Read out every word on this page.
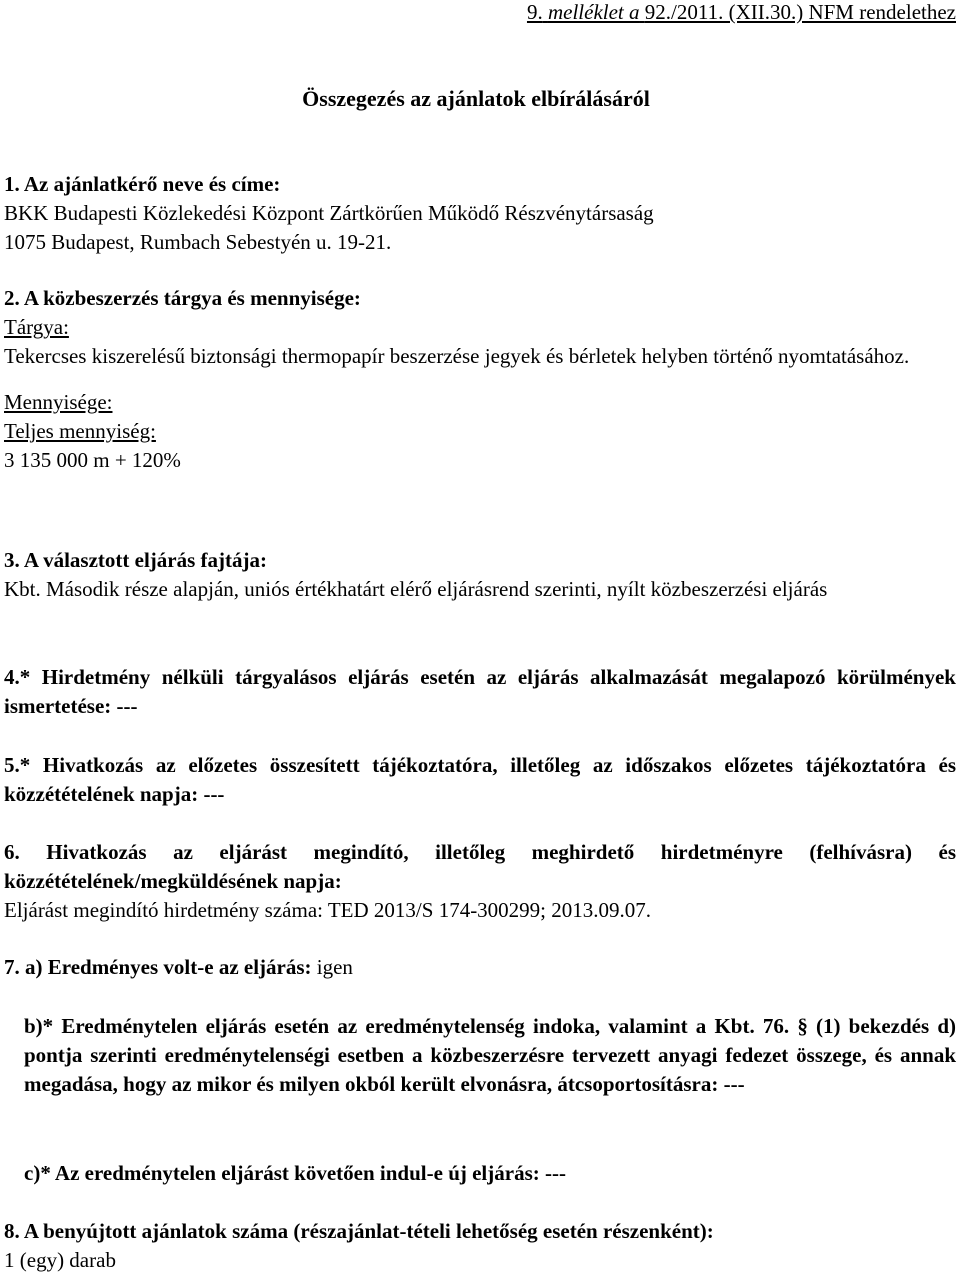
9. melléklet a 92./2011. (XII.30.) NFM rendelethez
Összegezés az ajánlatok elbírálásáról

1. Az ajánlatkérő neve és címe:

BKK Budapesti Közlekedési Központ Zártkörűen Működő Részvénytársaság

1075 Budapest, Rumbach Sebestyén u. 19-21.

2. A közbeszerzés tárgya és mennyisége:

Tárgya:

Tekercses kiszerelésű biztonsági thermopapír beszerzése jegyek és bérletek helyben történő nyomtatásához.

Mennyisége:

Teljes mennyiség:

3 135 000 m + 120%

3. A választott eljárás fajtája:

Kbt. Második része alapján, uniós értékhatárt elérő eljárásrend szerinti, nyílt közbeszerzési eljárás

4.* Hirdetmény nélküli tárgyalásos eljárás esetén az eljárás alkalmazását megalapozó körülmények ismertetése: ---

5.* Hivatkozás az előzetes összesített tájékoztatóra, illetőleg az időszakos előzetes tájékoztatóra és közzétételének napja: ---

6. Hivatkozás az eljárást megindító, illetőleg meghirdető hirdetményre (felhívásra) és közzétételének/megküldésének napja:

Eljárást megindító hirdetmény száma: TED 2013/S 174-300299; 2013.09.07.

7. a) Eredményes volt-e az eljárás: igen

b)* Eredménytelen eljárás esetén az eredménytelenség indoka, valamint a Kbt. 76. § (1) bekezdés d) pontja szerinti eredménytelenségi esetben a közbeszerzésre tervezett anyagi fedezet összege, és annak megadása, hogy az mikor és milyen okból került elvonásra, átcsoportosításra: ---

c)* Az eredménytelen eljárást követően indul-e új eljárás: ---

8. A benyújtott ajánlatok száma (részajánlat-tételi lehetőség esetén részenként):

1 (egy) darab
